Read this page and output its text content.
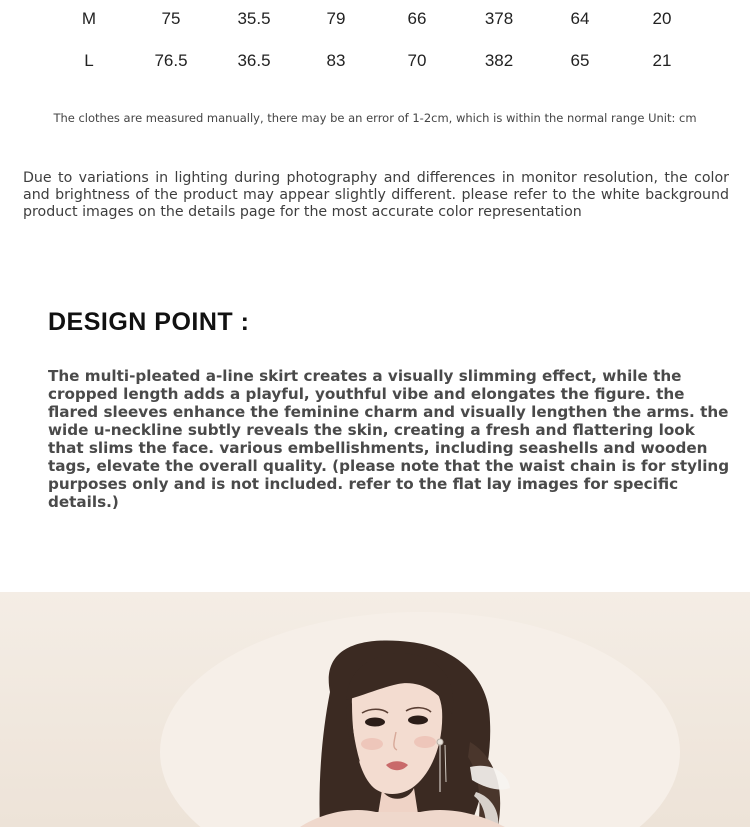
M	75	35.5	79	66	378	64	20
L	76.5	36.5	83	70	382	65	21
The clothes are measured manually, there may be an error of 1-2cm, which is within the normal range Unit: cm
Due to variations in lighting during photography and differences in monitor resolution, the color and brightness of the product may appear slightly different. please refer to the white background product images on the details page for the most accurate color representation
DESIGN POINT :
The multi-pleated a-line skirt creates a visually slimming effect, while the cropped length adds a playful, youthful vibe and elongates the figure. the flared sleeves enhance the feminine charm and visually lengthen the arms. the wide u-neckline subtly reveals the skin, creating a fresh and flattering look that slims the face. various embellishments, including seashells and wooden tags, elevate the overall quality. (please note that the waist chain is for styling purposes only and is not included. refer to the flat lay images for specific details.)
